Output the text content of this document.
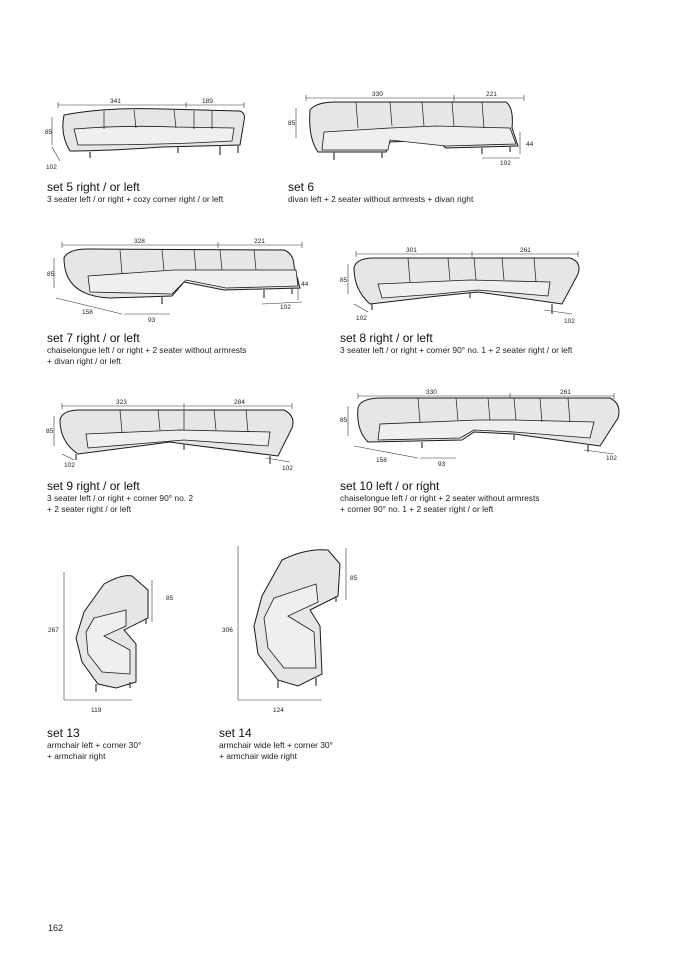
341	189
85
102
set 5 right / or left
3 seater left / or right + cozy corner right / or left
330	221
85
44
102
set 6
divan left + 2 seater without armrests + divan right
328	221
85
44
158
93
102
set 7 right / or left
chaiselongue left / or right + 2 seater without armrests
+ divan right / or left
301	261
85
102	102
set 8 right / or left
3 seater left / or right + corner 90° no. 1 + 2 seater right / or left
323	284
85
102	102
set 9 right / or left
3 seater left / or right + corner 90° no. 2
+ 2 seater right / or left
330	261
85
158
93
102
set 10 left / or right
chaiselongue left / or right + 2 seater without armrests
+ corner 90° no. 1 + 2 seater right / or left
85
267
119
set 13
armchair left + corner 30°
+ armchair right
85
306
124
set 14
armchair wide left + corner 30°
+ armchair wide right
162
